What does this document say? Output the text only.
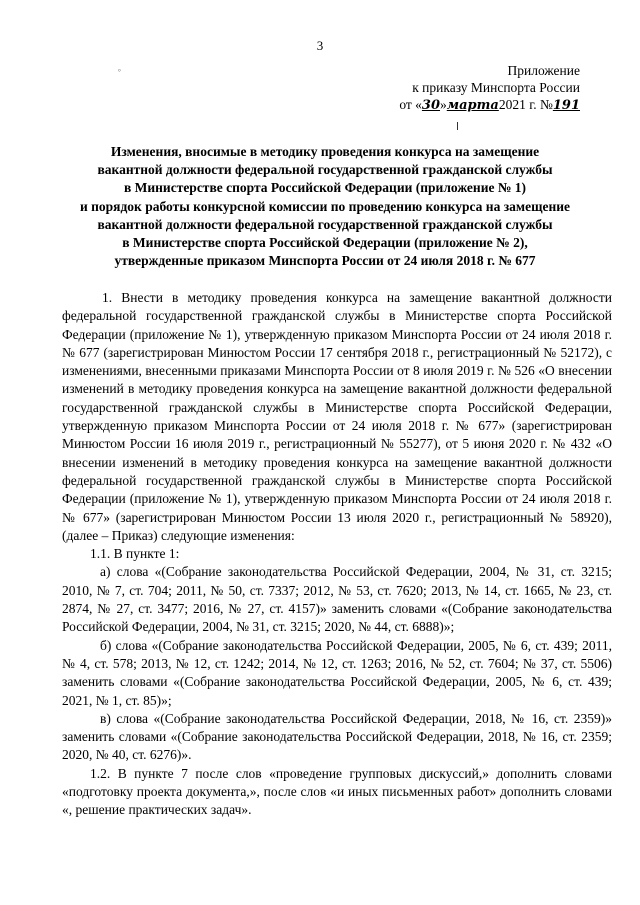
3
°	Приложение
к приказу Минспорта России
от «30»марта2021 г. №191
Изменения, вносимые в методику проведения конкурса на замещение
вакантной должности федеральной государственной гражданской службы
в Министерстве спорта Российской Федерации (приложение № 1)
и порядок работы конкурсной комиссии по проведению конкурса на замещение
вакантной должности федеральной государственной гражданской службы
в Министерстве спорта Российской Федерации (приложение № 2),
утвержденные приказом Минспорта России от 24 июля 2018 г. № 677

1. Внести в методику проведения конкурса на замещение вакантной должности федеральной государственной гражданской службы в Министерстве спорта Российской Федерации (приложение № 1), утвержденную приказом Минспорта России от 24 июля 2018 г. № 677 (зарегистрирован Минюстом России 17 сентября 2018 г., регистрационный № 52172), с изменениями, внесенными приказами Минспорта России от 8 июля 2019 г. № 526 «О внесении изменений в методику проведения конкурса на замещение вакантной должности федеральной государственной гражданской службы в Министерстве спорта Российской Федерации, утвержденную приказом Минспорта России от 24 июля 2018 г. № 677» (зарегистрирован Минюстом России 16 июля 2019 г., регистрационный № 55277), от 5 июня 2020 г. № 432 «О внесении изменений в методику проведения конкурса на замещение вакантной должности федеральной государственной гражданской службы в Министерстве спорта Российской Федерации (приложение № 1), утвержденную приказом Минспорта России от 24 июля 2018 г. № 677» (зарегистрирован Минюстом России 13 июля 2020 г., регистрационный № 58920), (далее – Приказ) следующие изменения:

1.1. В пункте 1:

а) слова «(Собрание законодательства Российской Федерации, 2004, № 31, ст. 3215; 2010, № 7, ст. 704; 2011, № 50, ст. 7337; 2012, № 53, ст. 7620; 2013, № 14, ст. 1665, № 23, ст. 2874, № 27, ст. 3477; 2016, № 27, ст. 4157)» заменить словами «(Собрание законодательства Российской Федерации, 2004, № 31, ст. 3215; 2020, № 44, ст. 6888)»;

б) слова «(Собрание законодательства Российской Федерации, 2005, № 6, ст. 439; 2011, № 4, ст. 578; 2013, № 12, ст. 1242; 2014, № 12, ст. 1263; 2016, № 52, ст. 7604; № 37, ст. 5506) заменить словами «(Собрание законодательства Российской Федерации, 2005, № 6, ст. 439; 2021, № 1, ст. 85)»;

в) слова «(Собрание законодательства Российской Федерации, 2018, № 16, ст. 2359)» заменить словами «(Собрание законодательства Российской Федерации, 2018, № 16, ст. 2359; 2020, № 40, ст. 6276)».

1.2. В пункте 7 после слов «проведение групповых дискуссий,» дополнить словами «подготовку проекта документа,», после слов «и иных письменных работ» дополнить словами «, решение практических задач».
